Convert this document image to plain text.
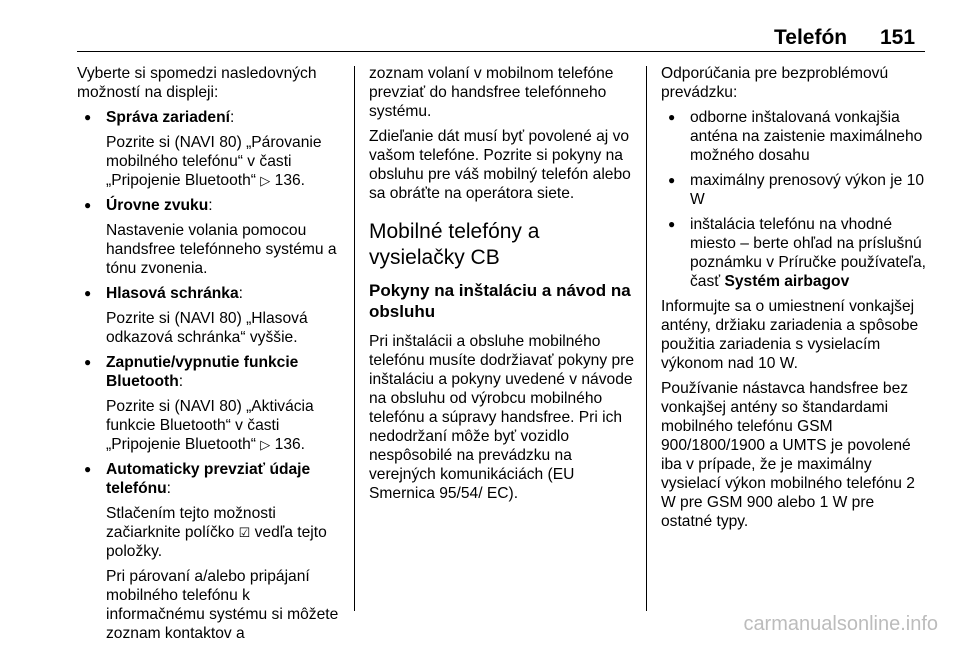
Telefón 151

Vyberte si spomedzi nasledovných možností na displeji:

● Správa zariadení:
Pozrite si (NAVI 80) „Párovanie mobilného telefónu“ v časti „Pripojenie Bluetooth“ ▷ 136.
● Úrovne zvuku:
Nastavenie volania pomocou handsfree telefónneho systému a tónu zvonenia.
● Hlasová schránka:
Pozrite si (NAVI 80) „Hlasová odkazová schránka“ vyššie.
● Zapnutie/vypnutie funkcie Bluetooth:
Pozrite si (NAVI 80) „Aktivácia funkcie Bluetooth“ v časti „Pripojenie Bluetooth“ ▷ 136.
● Automaticky prevziať údaje telefónu:
Stlačením tejto možnosti začiarknite políčko ☑ vedľa tejto položky.
Pri párovaní a/alebo pripájaní mobilného telefónu k informačnému systému si môžete zoznam kontaktov a

zoznam volaní v mobilnom telefóne prevziať do handsfree telefónneho systému.

Zdieľanie dát musí byť povolené aj vo vašom telefóne. Pozrite si pokyny na obsluhu pre váš mobilný telefón alebo sa obráťte na operátora siete.

Mobilné telefóny a vysielačky CB
Pokyny na inštaláciu a návod na obsluhu

Pri inštalácii a obsluhe mobilného telefónu musíte dodržiavať pokyny pre inštaláciu a pokyny uvedené v návode na obsluhu od výrobcu mobilného telefónu a súpravy handsfree. Pri ich nedodržaní môže byť vozidlo nespôsobilé na prevádzku na verejných komunikáciách (EU Smernica 95/54/ EC).

Odporúčania pre bezproblémovú prevádzku:

● odborne inštalovaná vonkajšia anténa na zaistenie maximálneho možného dosahu
● maximálny prenosový výkon je 10 W
● inštalácia telefónu na vhodné miesto – berte ohľad na príslušnú poznámku v Príručke používateľa, časť Systém airbagov

Informujte sa o umiestnení vonkajšej antény, držiaku zariadenia a spôsobe použitia zariadenia s vysielacím výkonom nad 10 W.

Používanie nástavca handsfree bez vonkajšej antény so štandardami mobilného telefónu GSM 900/1800/1900 a UMTS je povolené iba v prípade, že je maximálny vysielací výkon mobilného telefónu 2 W pre GSM 900 alebo 1 W pre ostatné typy.

carmanualsonline.info
